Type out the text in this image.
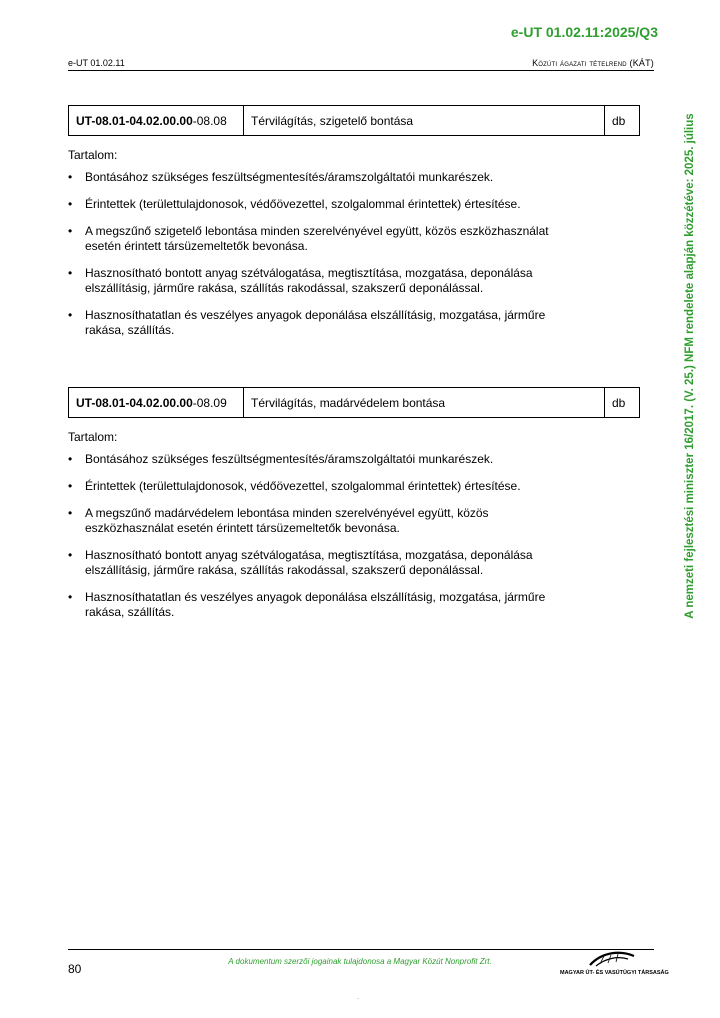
e-UT 01.02.11:2025/Q3
e-UT 01.02.11	Közúti ágazati tételrend (KÁT)
A nemzeti fejlesztési miniszter 16/2017. (V. 25.) NFM rendelete alapján közzétéve: 2025. július
UT-08.01-04.02.00.00-08.08	Térvilágítás, szigetelő bontása	db
Tartalom:
• Bontásához szükséges feszültségmentesítés/áramszolgáltatói munkarészek.
• Érintettek (területtulajdonosok, védőövezettel, szolgalommal érintettek) értesítése.
• A megszűnő szigetelő lebontása minden szerelvényével együtt, közös eszközhasználat esetén érintett társüzemeltetők bevonása.
• Hasznosítható bontott anyag szétválogatása, megtisztítása, mozgatása, deponálása elszállításig, járműre rakása, szállítás rakodással, szakszerű deponálással.
• Hasznosíthatatlan és veszélyes anyagok deponálása elszállításig, mozgatása, járműre rakása, szállítás.
UT-08.01-04.02.00.00-08.09	Térvilágítás, madárvédelem bontása	db
Tartalom:
• Bontásához szükséges feszültségmentesítés/áramszolgáltatói munkarészek.
• Érintettek (területtulajdonosok, védőövezettel, szolgalommal érintettek) értesítése.
• A megszűnő madárvédelem lebontása minden szerelvényével együtt, közös eszközhasználat esetén érintett társüzemeltetők bevonása.
• Hasznosítható bontott anyag szétválogatása, megtisztítása, mozgatása, deponálása elszállításig, járműre rakása, szállítás rakodással, szakszerű deponálással.
• Hasznosíthatatlan és veszélyes anyagok deponálása elszállításig, mozgatása, járműre rakása, szállítás.
80
A dokumentum szerzői jogainak tulajdonosa a Magyar Közút Nonprofit Zrt.
MAGYAR ÚT- ÉS VASÚTÜGYI TÁRSASÁG
.
